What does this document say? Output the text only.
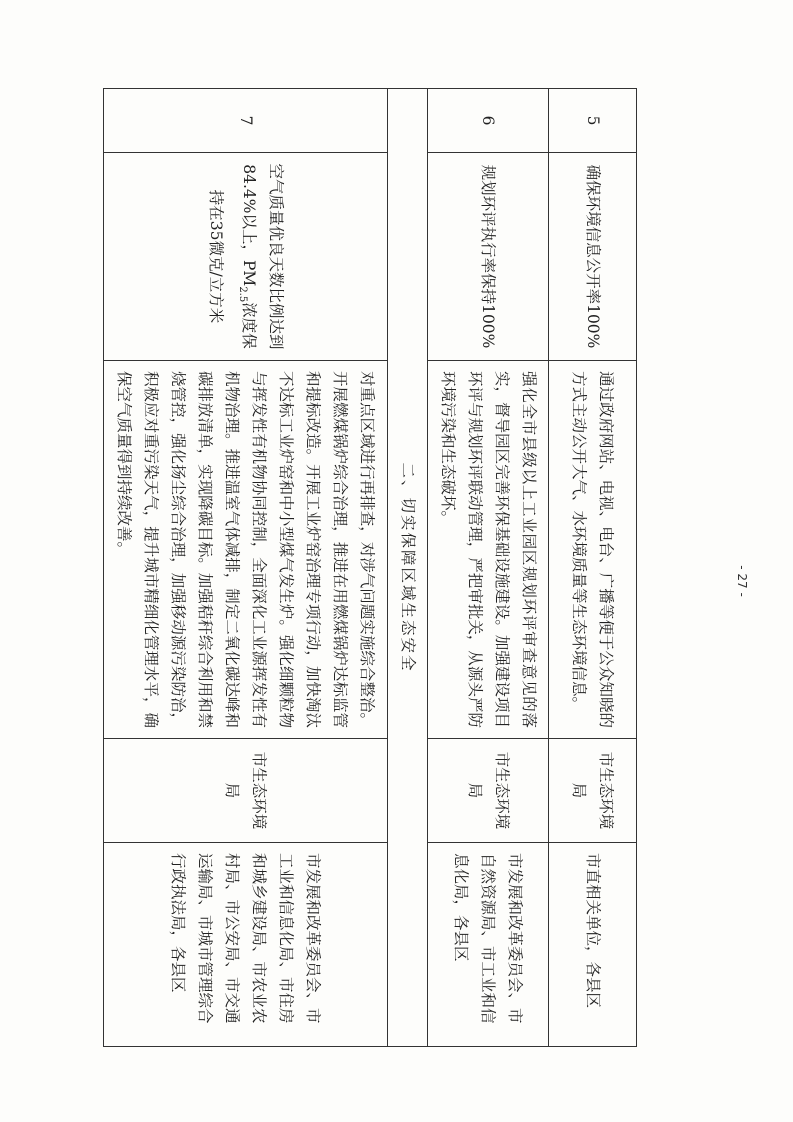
5	确保环境信息公开率100%	通过政府网站、电视、电台、广播等便于公众知晓的方式主动公开大气、水环境质量等生态环境信息。	市生态环境局	市直相关单位，各县区
6	规划环评执行率保持100%	强化全市县级以上工业园区规划环评审查意见的落实，督导园区完善环保基础设施建设。加强建设项目环评与规划环评联动管理，严把审批关，从源头严防环境污染和生态破坏。	市生态环境局	市发展和改革委员会、市自然资源局、市工业和信息化局，各县区
二、切实保障区域生态安全				
7	空气质量优良天数比例达到84.4%以上，$PM_{2.5}$浓度保持在35微克/立方米	对重点区域进行再排查，对涉气问题实施综合整治。开展燃煤锅炉综合治理，推进在用燃煤锅炉达标监管和提标改造。开展工业炉窑治理专项行动，加快淘汰不达标工业炉窑和中小型煤气发生炉。强化细颗粒物与挥发性有机物协同控制，全面深化工业源挥发性有机物治理。推进温室气体减排，制定二氧化碳达峰和碳排放清单，实现降碳目标。加强秸秆综合利用和禁烧管控，强化扬尘综合治理，加强移动源污染防治，积极应对重污染天气，提升城市精细化管理水平，确保空气质量得到持续改善。	市生态环境局	市发展和改革委员会、市工业和信息化局、市住房和城乡建设局、市农业农村局、市公安局、市交通运输局、市城市管理综合行政执法局，各县区
- 27 -
